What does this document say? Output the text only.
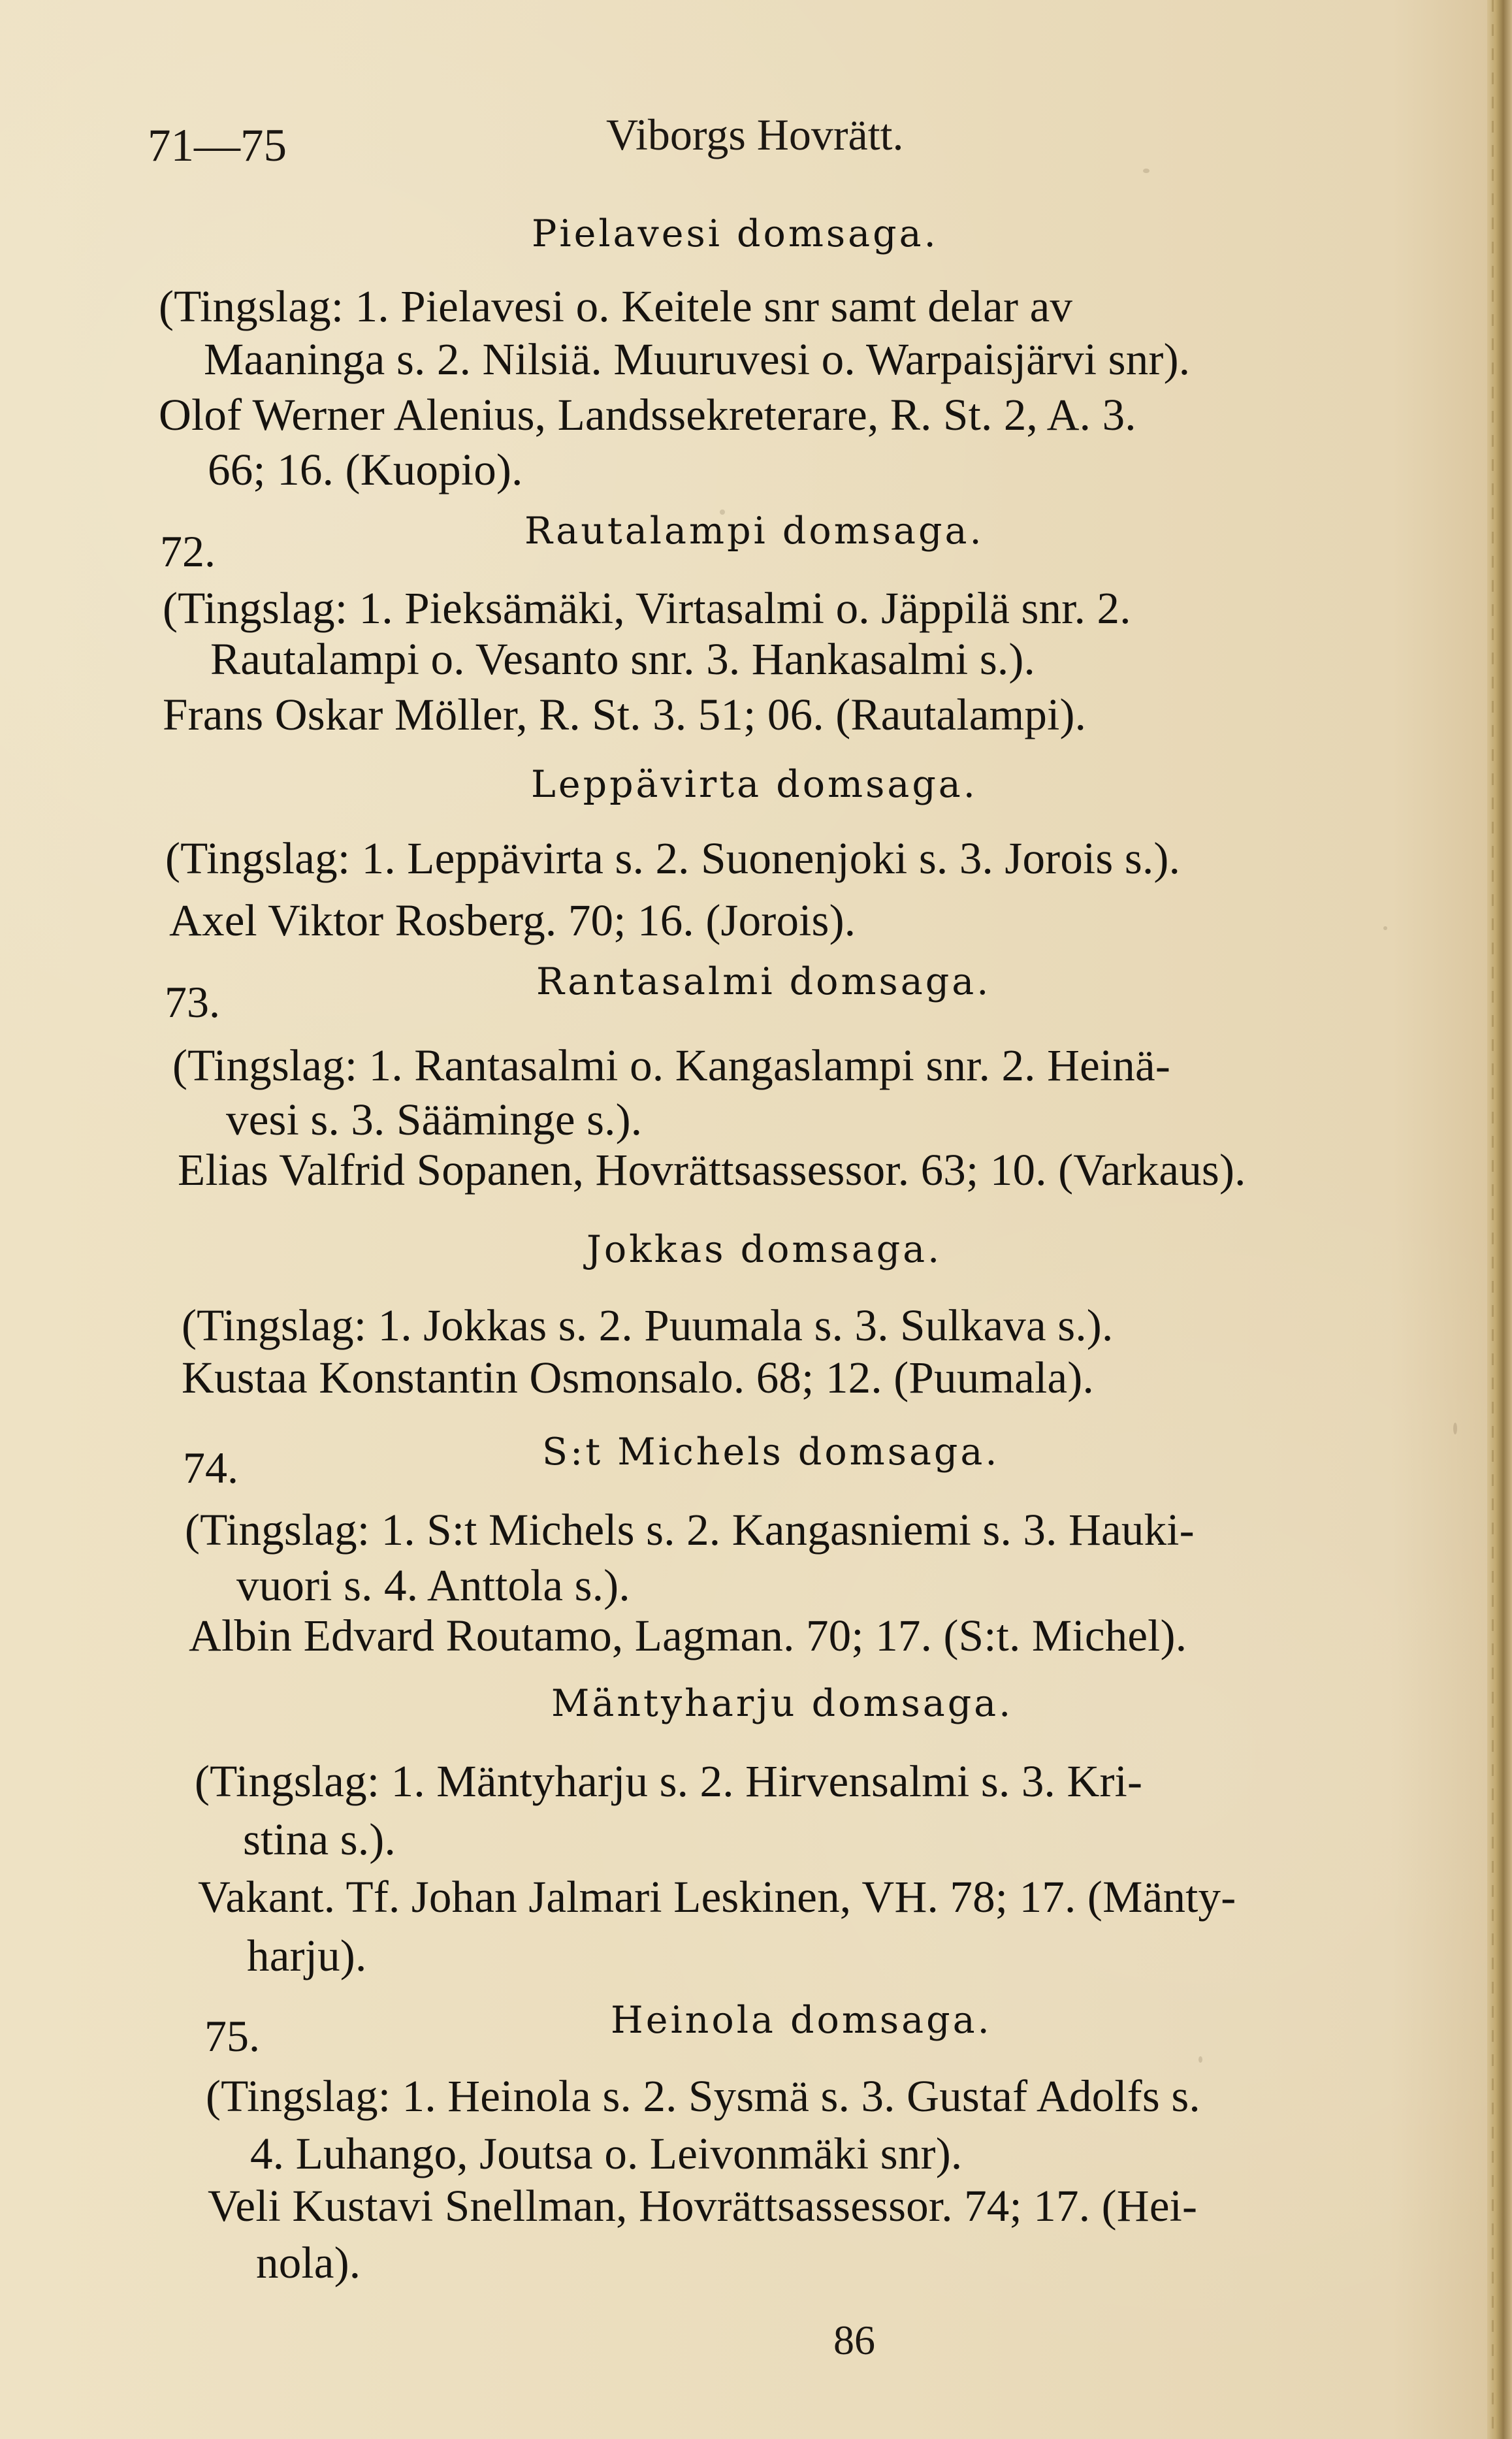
71—75	Viborgs Hovrätt.
Pielavesi domsaga.
(Tingslag: 1. Pielavesi o. Keitele snr samt delar av
Maaninga s. 2. Nilsiä. Muuruvesi o. Warpaisjärvi snr).
Olof Werner Alenius, Landssekreterare, R. St. 2, A. 3.
66; 16. (Kuopio).
72.	Rautalampi domsaga.
(Tingslag: 1. Pieksämäki, Virtasalmi o. Jäppilä snr. 2.
Rautalampi o. Vesanto snr. 3. Hankasalmi s.).
Frans Oskar Möller, R. St. 3. 51; 06. (Rautalampi).
Leppävirta domsaga.
(Tingslag: 1. Leppävirta s. 2. Suonenjoki s. 3. Jorois s.).
Axel Viktor Rosberg. 70; 16. (Jorois).
73.	Rantasalmi domsaga.
(Tingslag: 1. Rantasalmi o. Kangaslampi snr. 2. Heinä-
vesi s. 3. Sääminge s.).
Elias Valfrid Sopanen, Hovrättsassessor. 63; 10. (Varkaus).
Jokkas domsaga.
(Tingslag: 1. Jokkas s. 2. Puumala s. 3. Sulkava s.).
Kustaa Konstantin Osmonsalo. 68; 12. (Puumala).
74.	S:t Michels domsaga.
(Tingslag: 1. S:t Michels s. 2. Kangasniemi s. 3. Hauki-
vuori s. 4. Anttola s.).
Albin Edvard Routamo, Lagman. 70; 17. (S:t. Michel).
Mäntyharju domsaga.
(Tingslag: 1. Mäntyharju s. 2. Hirvensalmi s. 3. Kri-
stina s.).
Vakant. Tf. Johan Jalmari Leskinen, VH. 78; 17. (Mänty-
harju).
75.	Heinola domsaga.
(Tingslag: 1. Heinola s. 2. Sysmä s. 3. Gustaf Adolfs s.
4. Luhango, Joutsa o. Leivonmäki snr).
Veli Kustavi Snellman, Hovrättsassessor. 74; 17. (Hei-
nola).
86
